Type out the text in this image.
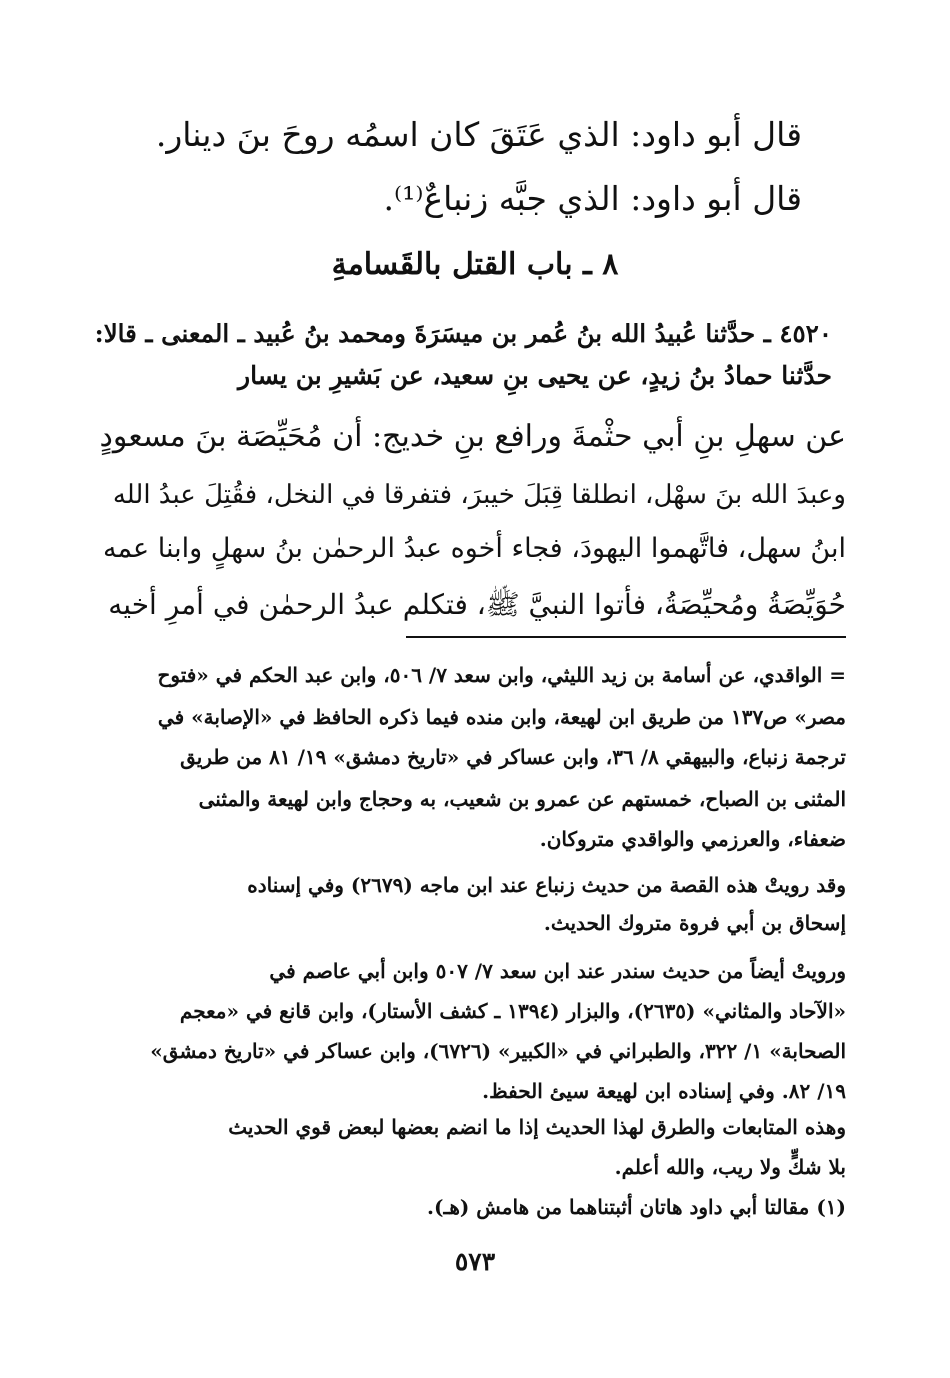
قال أبو داود: الذي عَتَقَ كان اسمُه روحَ بنَ دينار.
قال أبو داود: الذي جبَّه زنباعٌ⁽¹⁾.
٨ ـ باب القتل بالقَسامةِ
٤٥٢٠ ـ حدَّثنا عُبيدُ الله بنُ عُمر بن ميسَرَةَ ومحمد بنُ عُبيد ـ المعنى ـ قالا:
حدَّثنا حمادُ بنُ زيدٍ، عن يحيى بنِ سعيد، عن بَشيرِ بن يسار
عن سهلِ بنِ أبي حثْمةَ ورافع بنِ خديج: أن مُحَيِّصَة بنَ مسعودٍ
وعبدَ الله بنَ سهْل، انطلقا قِبَلَ خيبرَ، فتفرقا في النخل، فقُتِلَ عبدُ الله
ابنُ سهل، فاتَّهموا اليهودَ، فجاء أخوه عبدُ الرحمٰن بنُ سهلٍ وابنا عمه
حُوَيِّصَةُ ومُحيِّصَةُ، فأتوا النبيَّ ﷺ، فتكلم عبدُ الرحمٰن في أمرِ أخيه
= الواقدي، عن أسامة بن زيد الليثي، وابن سعد ٧/ ٥٠٦، وابن عبد الحكم في «فتوح
مصر» ص١٣٧ من طريق ابن لهيعة، وابن منده فيما ذكره الحافظ في «الإصابة» في
ترجمة زنباع، والبيهقي ٨/ ٣٦، وابن عساكر في «تاريخ دمشق» ١٩/ ٨١ من طريق
المثنى بن الصباح، خمستهم عن عمرو بن شعيب، به وحجاج وابن لهيعة والمثنى
ضعفاء، والعرزمي والواقدي متروكان.
وقد رويتْ هذه القصة من حديث زنباع عند ابن ماجه (٢٦٧٩) وفي إسناده
إسحاق بن أبي فروة متروك الحديث.
ورويتْ أيضاً من حديث سندر عند ابن سعد ٧/ ٥٠٧ وابن أبي عاصم في
«الآحاد والمثاني» (٢٦٣٥)، والبزار (١٣٩٤ ـ كشف الأستار)، وابن قانع في «معجم
الصحابة» ١/ ٣٢٢، والطبراني في «الكبير» (٦٧٢٦)، وابن عساكر في «تاريخ دمشق»
١٩/ ٨٢. وفي إسناده ابن لهيعة سيئ الحفظ.
وهذه المتابعات والطرق لهذا الحديث إذا ما انضم بعضها لبعض قوي الحديث
بلا شكٍّ ولا ريب، والله أعلم.
(١) مقالتا أبي داود هاتان أثبتناهما من هامش (هـ).
٥٧٣
